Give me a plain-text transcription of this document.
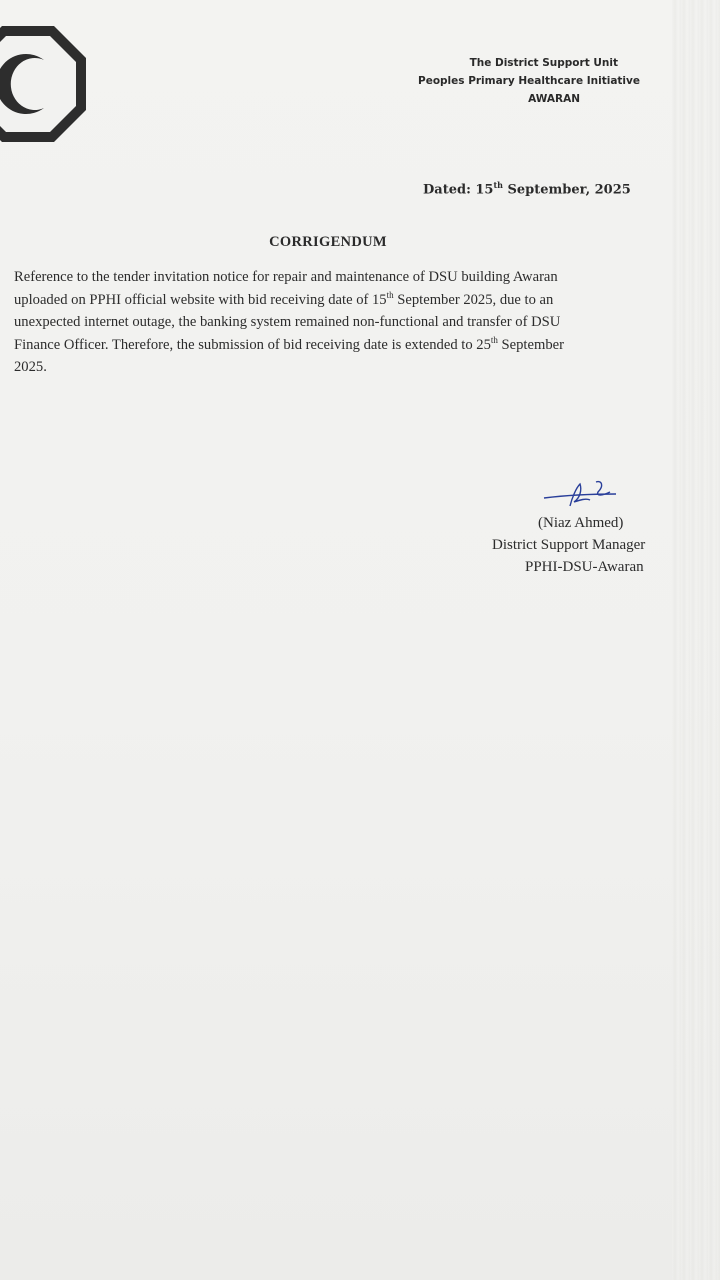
The District Support Unit
Peoples Primary Healthcare Initiative
AWARAN
Dated: 15th September, 2025
CORRIGENDUM
Reference to the tender invitation notice for repair and maintenance of DSU building Awaran
uploaded on PPHI official website with bid receiving date of 15th September 2025, due to an
unexpected internet outage, the banking system remained non-functional and transfer of DSU
Finance Officer. Therefore, the submission of bid receiving date is extended to 25th September
2025.
(Niaz Ahmed)
District Support Manager
PPHI-DSU-Awaran
